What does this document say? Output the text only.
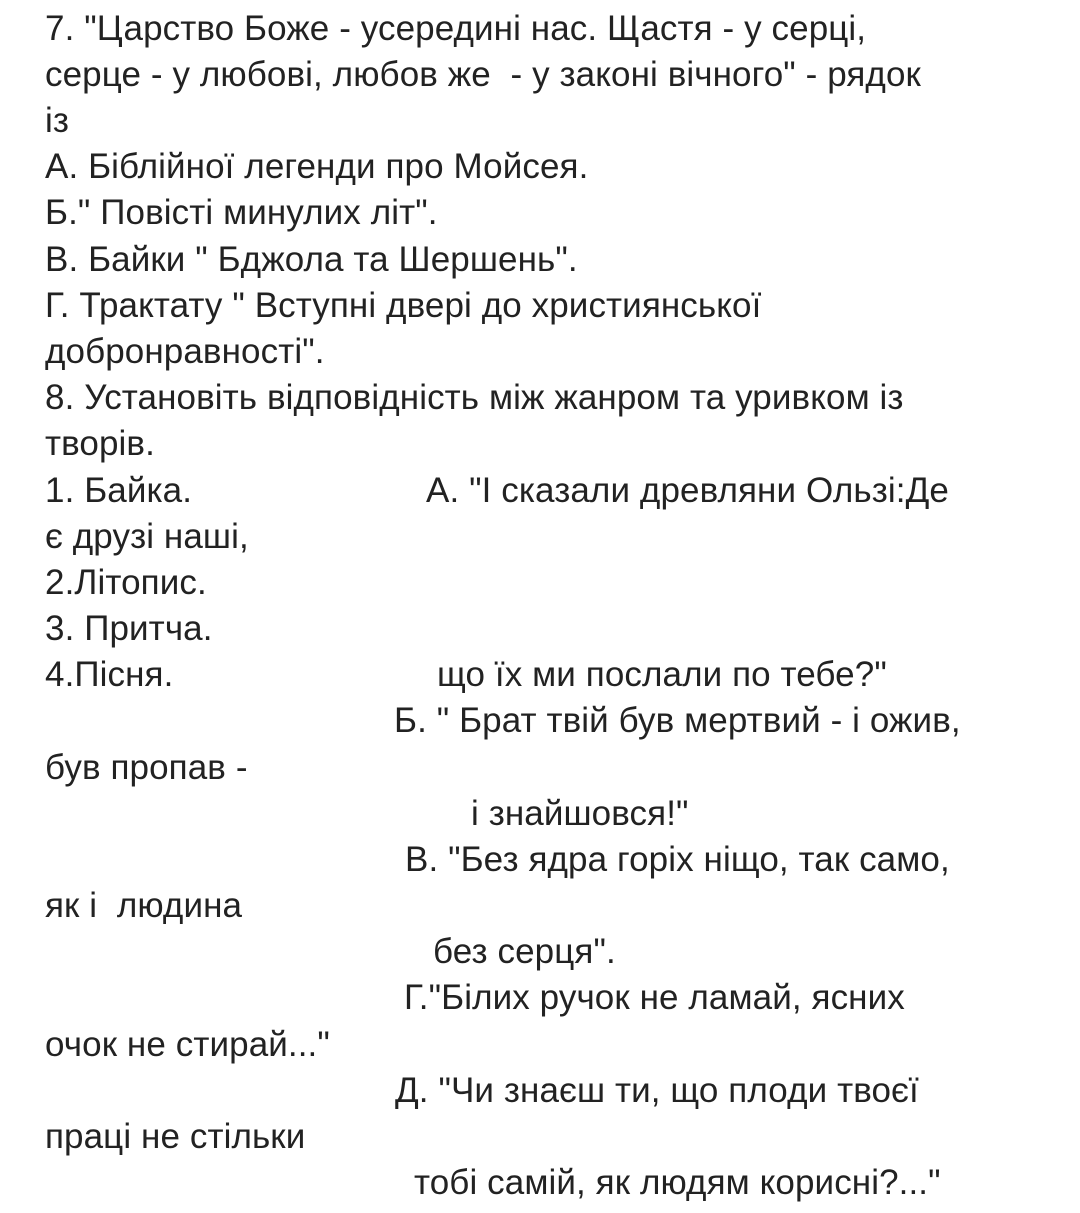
7. "Царство Боже - усередині нас. Щастя - у серці,
серце - у любові, любов же  - у законі вічного" - рядок
із
А. Біблійної легенди про Мойсея.
Б." Повісті минулих літ".
В. Байки " Бджола та Шершень".
Г. Трактату " Вступні двері до християнської
добронравності".
8. Установіть відповідність між жанром та уривком із
творів.
1. Байка.	А. "І сказали древляни Ользі:Де
є друзі наші,
2.Літопис.
3. Притча.
4.Пісня.	що їх ми послали по тебе?"
Б. " Брат твій був мертвий - і ожив,
був пропав -
і знайшовся!"
В. "Без ядра горіх ніщо, так само,
як і  людина
без серця".
Г."Білих ручок не ламай, ясних
очок не стирай..."
Д. "Чи знаєш ти, що плоди твоєї
праці не стільки
тобі самій, як людям корисні?..."
